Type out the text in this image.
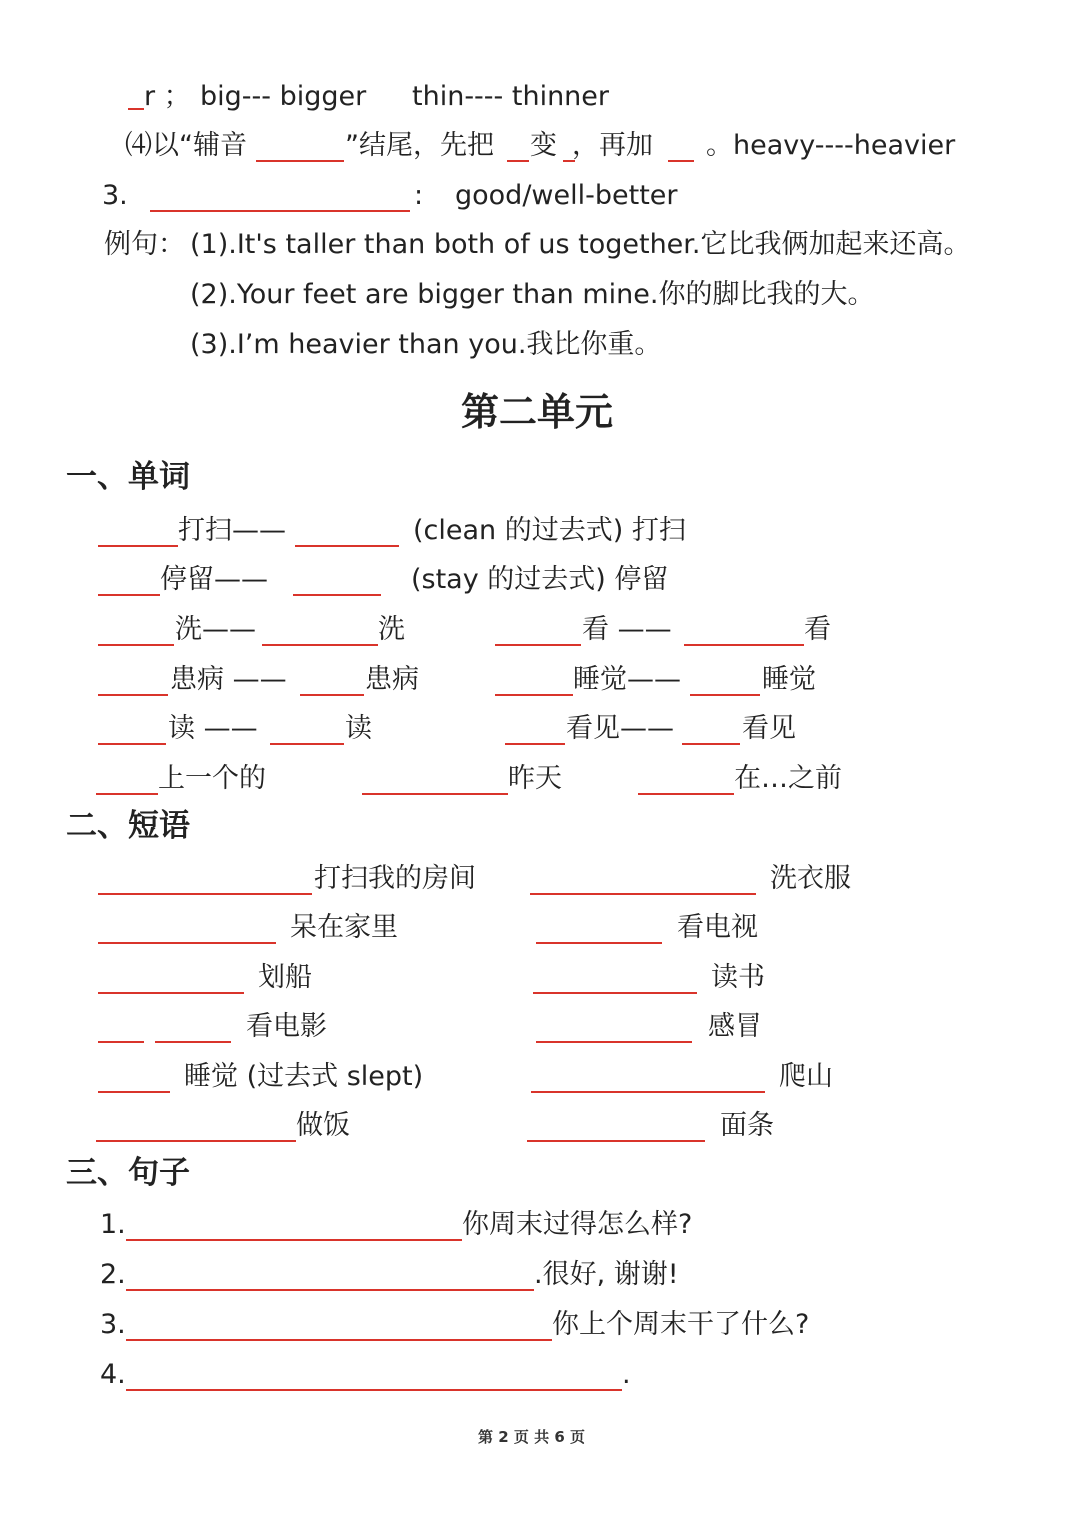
r ； big--- bigger thin---- thinner
⑷以“辅音	”结尾，先把 变 ，再加 。heavy----heavier
3.	: good/well-better
例句： (1).It's taller than both of us together.它比我俩加起来还高。
(2).Your feet are bigger than mine.你的脚比我的大。
(3).I’m heavier than you.我比你重。
第二单元
一、单词
打扫——	(clean 的过去式) 打扫
停留——	(stay 的过去式) 停留
洗——	洗	看 ——	看
患病 ——	患病	睡觉——	睡觉
读 ——	读	看见——	看见
上一个的	昨天	在…之前
二、短语
打扫我的房间	洗衣服
呆在家里	看电视
划船	读书
看电影	感冒
睡觉 (过去式 slept)	爬山
做饭	面条
三、句子
1.	你周末过得怎么样?
2.	.很好, 谢谢!
3.	你上个周末干了什么?
4.	.
第 2 页 共 6 页
